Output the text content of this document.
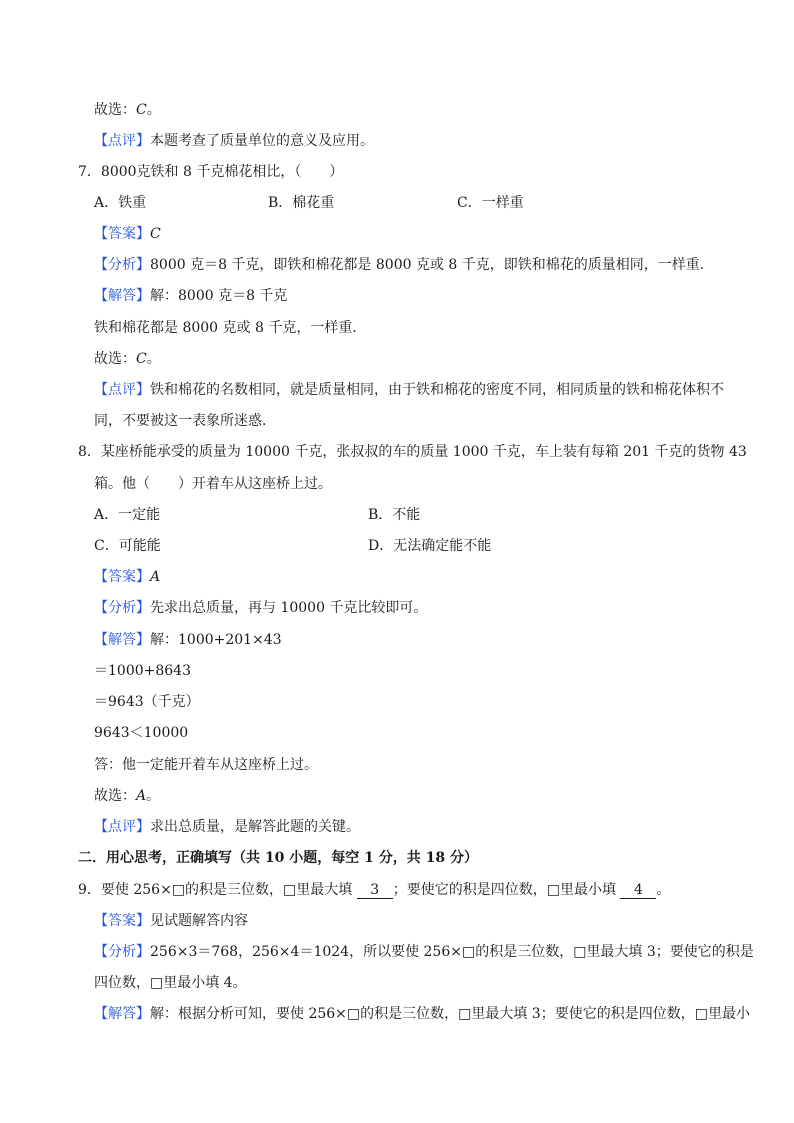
故选：C。
【点评】本题考查了质量单位的意义及应用。
7．8000克铁和 8 千克棉花相比，（　　）
A．铁重	B．棉花重	C．一样重
【答案】C
【分析】8000 克＝8 千克，即铁和棉花都是 8000 克或 8 千克，即铁和棉花的质量相同，一样重．
【解答】解：8000 克＝8 千克
铁和棉花都是 8000 克或 8 千克，一样重．
故选：C。
【点评】铁和棉花的名数相同，就是质量相同，由于铁和棉花的密度不同，相同质量的铁和棉花体积不
同，不要被这一表象所迷惑．
8．某座桥能承受的质量为 10000 千克，张叔叔的车的质量 1000 千克，车上装有每箱 201 千克的货物 43
箱。他（　　）开着车从这座桥上过。
A．一定能	B．不能
C．可能能	D．无法确定能不能
【答案】A
【分析】先求出总质量，再与 10000 千克比较即可。
【解答】解：1000+201×43
＝1000+8643
＝9643（千克）
9643＜10000
答：他一定能开着车从这座桥上过。
故选：A。
【点评】求出总质量，是解答此题的关键。
二．用心思考，正确填写（共 10 小题，每空 1 分，共 18 分）
9．要使 256×□的积是三位数，□里最大填 3 ；要使它的积是四位数，□里最小填 4 。
【答案】见试题解答内容
【分析】256×3＝768，256×4＝1024，所以要使 256×□的积是三位数，□里最大填 3；要使它的积是
四位数，□里最小填 4。
【解答】解：根据分析可知，要使 256×□的积是三位数，□里最大填 3；要使它的积是四位数，□里最小
